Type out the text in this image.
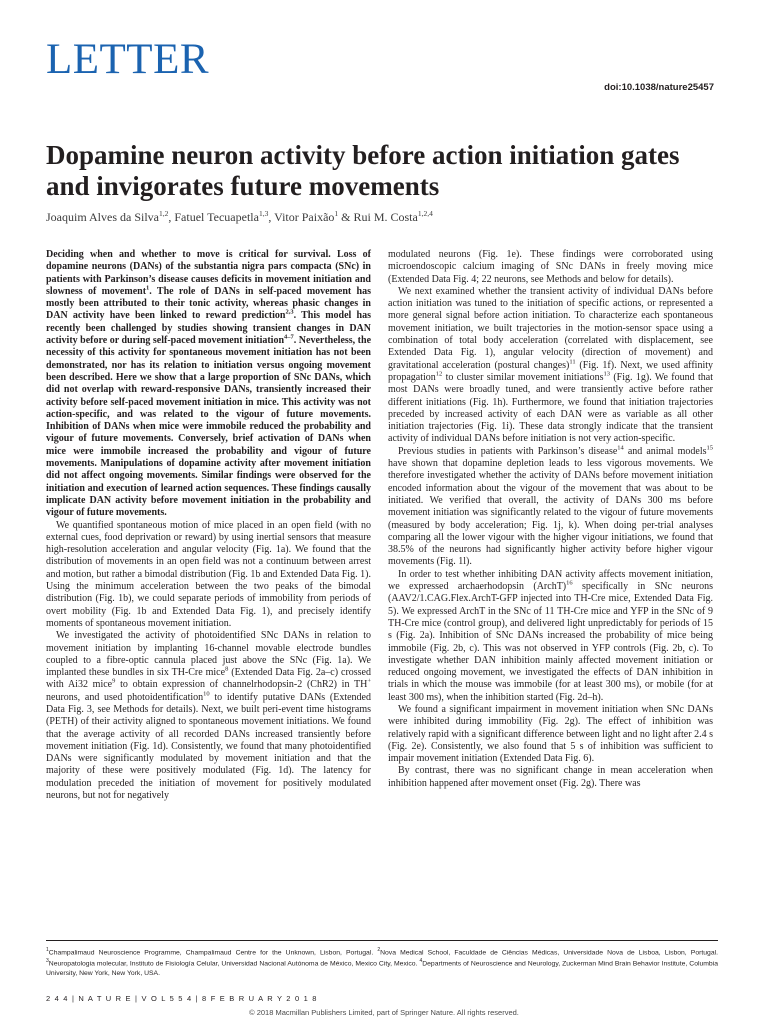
LETTER
doi:10.1038/nature25457
Dopamine neuron activity before action initiation gates and invigorates future movements
Joaquim Alves da Silva$^{1,2}$, Fatuel Tecuapetla$^{1,3}$, Vitor Paixão$^1$ & Rui M. Costa$^{1,2,4}$

Deciding when and whether to move is critical for survival. Loss of dopamine neurons (DANs) of the substantia nigra pars compacta (SNc) in patients with Parkinson’s disease causes deficits in movement initiation and slowness of movement$^1$. The role of DANs in self-paced movement has mostly been attributed to their tonic activity, whereas phasic changes in DAN activity have been linked to reward prediction$^{2,3}$. This model has recently been challenged by studies showing transient changes in DAN activity before or during self-paced movement initiation$^{4-7}$. Nevertheless, the necessity of this activity for spontaneous movement initiation has not been demonstrated, nor has its relation to initiation versus ongoing movement been described. Here we show that a large proportion of SNc DANs, which did not overlap with reward-responsive DANs, transiently increased their activity before self-paced movement initiation in mice. This activity was not action-specific, and was related to the vigour of future movements. Inhibition of DANs when mice were immobile reduced the probability and vigour of future movements. Conversely, brief activation of DANs when mice were immobile increased the probability and vigour of future movements. Manipulations of dopamine activity after movement initiation did not affect ongoing movements. Similar findings were observed for the initiation and execution of learned action sequences. These findings causally implicate DAN activity before movement initiation in the probability and vigour of future movements.

We quantified spontaneous motion of mice placed in an open field (with no external cues, food deprivation or reward) by using inertial sensors that measure high-resolution acceleration and angular velocity (Fig. 1a). We found that the distribution of movements in an open field was not a continuum between arrest and motion, but rather a bimodal distribution (Fig. 1b and Extended Data Fig. 1). Using the minimum acceleration between the two peaks of the bimodal distribution (Fig. 1b), we could separate periods of immobility from periods of overt mobility (Fig. 1b and Extended Data Fig. 1), and precisely identify moments of spontaneous movement initiation.

We investigated the activity of photoidentified SNc DANs in relation to movement initiation by implanting 16-channel movable electrode bundles coupled to a fibre-optic cannula placed just above the SNc (Fig. 1a). We implanted these bundles in six TH-Cre mice$^8$ (Extended Data Fig. 2a–c) crossed with Ai32 mice$^9$ to obtain expression of channelrhodopsin-2 (ChR2) in TH+ neurons, and used photoidentification$^{10}$ to identify putative DANs (Extended Data Fig. 3, see Methods for details). Next, we built peri-event time histograms (PETH) of their activity aligned to spontaneous movement initiations. We found that the average activity of all recorded DANs increased transiently before movement initiation (Fig. 1d). Consistently, we found that many photoidentified DANs were significantly modulated by movement initiation and that the majority of these were positively modulated (Fig. 1d). The latency for modulation preceded the initiation of movement for positively modulated neurons, but not for negatively

modulated neurons (Fig. 1e). These findings were corroborated using microendoscopic calcium imaging of SNc DANs in freely moving mice (Extended Data Fig. 4; 22 neurons, see Methods and below for details).

We next examined whether the transient activity of individual DANs before action initiation was tuned to the initiation of specific actions, or represented a more general signal before action initiation. To characterize each spontaneous movement initiation, we built trajectories in the motion-sensor space using a combination of total body acceleration (correlated with displacement, see Extended Data Fig. 1), angular velocity (direction of movement) and gravitational acceleration (postural changes)$^{11}$ (Fig. 1f). Next, we used affinity propagation$^{12}$ to cluster similar movement initiations$^{13}$ (Fig. 1g). We found that most DANs were broadly tuned, and were transiently active before rather different initiations (Fig. 1h). Furthermore, we found that initiation trajectories preceded by increased activity of each DAN were as variable as all other initiation trajectories (Fig. 1i). These data strongly indicate that the transient activity of individual DANs before initiation is not very action-specific.

Previous studies in patients with Parkinson’s disease$^{14}$ and animal models$^{15}$ have shown that dopamine depletion leads to less vigorous movements. We therefore investigated whether the activity of DANs before movement initiation encoded information about the vigour of the movement that was about to be initiated. We verified that overall, the activity of DANs 300 ms before movement initiation was significantly related to the vigour of future movements (measured by body acceleration; Fig. 1j, k). When doing per-trial analyses comparing all the lower vigour with the higher vigour initiations, we found that 38.5% of the neurons had significantly higher activity before higher vigour movements (Fig. 1l).

In order to test whether inhibiting DAN activity affects movement initiation, we expressed archaerhodopsin (ArchT)$^{16}$ specifically in SNc neurons (AAV2/1.CAG.Flex.ArchT-GFP injected into TH-Cre mice, Extended Data Fig. 5). We expressed ArchT in the SNc of 11 TH-Cre mice and YFP in the SNc of 9 TH-Cre mice (control group), and delivered light unpredictably for periods of 15 s (Fig. 2a). Inhibition of SNc DANs increased the probability of mice being immobile (Fig. 2b, c). This was not observed in YFP controls (Fig. 2b, c). To investigate whether DAN inhibition mainly affected movement initiation or reduced ongoing movement, we investigated the effects of DAN inhibition in trials in which the mouse was immobile (for at least 300 ms), or mobile (for at least 300 ms), when the inhibition started (Fig. 2d–h).

We found a significant impairment in movement initiation when SNc DANs were inhibited during immobility (Fig. 2g). The effect of inhibition was relatively rapid with a significant difference between light and no light after 2.4 s (Fig. 2e). Consistently, we also found that 5 s of inhibition was sufficient to impair movement initiation (Extended Data Fig. 6).

By contrast, there was no significant change in mean acceleration when inhibition happened after movement onset (Fig. 2g). There was

$^1$Champalimaud Neuroscience Programme, Champalimaud Centre for the Unknown, Lisbon, Portugal. $^2$Nova Medical School, Faculdade de Ciências Médicas, Universidade Nova de Lisboa, Lisbon, Portugal. $^3$Neuropatologia molecular, Instituto de Fisiología Celular, Universidad Nacional Autónoma de México, Mexico City, Mexico. $^4$Departments of Neuroscience and Neurology, Zuckerman Mind Brain Behavior Institute, Columbia University, New York, New York, USA.
2 4 4 | N A T U R E | V O L 5 5 4 | 8 F E B R U A R Y 2 0 1 8
© 2018 Macmillan Publishers Limited, part of Springer Nature. All rights reserved.
